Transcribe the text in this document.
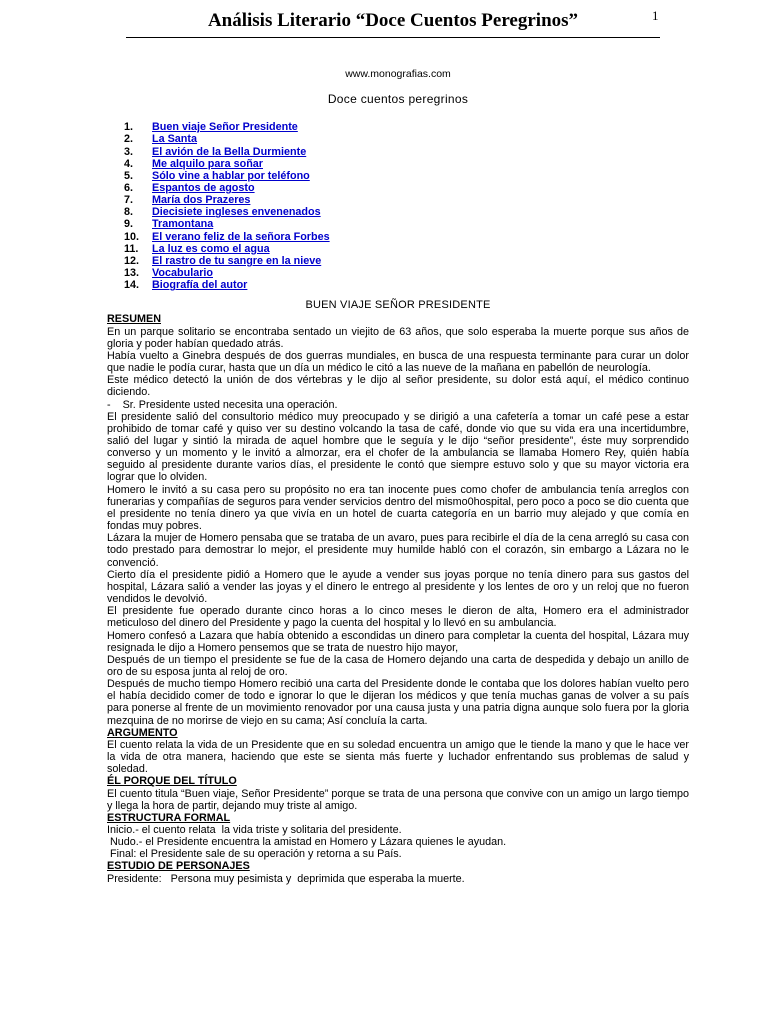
Análisis Literario “Doce Cuentos Peregrinos”	1

www.monografias.com

Doce cuentos peregrinos

1.	Buen viaje Señor Presidente
2.	La Santa
3.	El avión de la Bella Durmiente
4.	Me alquilo para soñar
5.	Sólo vine a hablar por teléfono
6.	Espantos de agosto
7.	María dos Prazeres
8.	Diecisiete ingleses envenenados
9.	Tramontana
10.	El verano feliz de la señora Forbes
11.	La luz es como el agua
12.	El rastro de tu sangre en la nieve
13.	Vocabulario
14.	Biografía del autor

BUEN VIAJE SEÑOR PRESIDENTE

RESUMEN

En un parque solitario se encontraba sentado un viejito de 63 años, que solo esperaba la muerte porque sus años de gloria y poder habían quedado atrás.

Había vuelto a Ginebra después de dos guerras mundiales, en busca de una respuesta terminante para curar un dolor que nadie le podía curar, hasta que un día un médico le citó a las nueve de la mañana en pabellón de neurología.

Este médico detectó la unión de dos vértebras y le dijo al señor presidente, su dolor está aquí, el médico continuo diciendo.

-    Sr. Presidente usted necesita una operación.

El presidente salió del consultorio médico muy preocupado y se dirigió a una cafetería a tomar un café pese a estar prohibido de tomar café y quiso ver su destino volcando la tasa de café, donde vio que su vida era una incertidumbre, salió del lugar y sintió la mirada de aquel hombre que le seguía y le dijo “señor presidente”, éste muy sorprendido converso y un momento y le invitó a almorzar, era el chofer de la ambulancia se llamaba Homero Rey, quién había seguido al presidente durante varios días, el presidente le contó que siempre estuvo solo y que su mayor victoria era lograr que lo olviden.

Homero le invitó a su casa pero su propósito no era tan inocente pues como chofer de ambulancia tenía arreglos con funerarias y compañías de seguros para vender servicios dentro del mismo0hospital, pero poco a poco se dio cuenta que el presidente no tenía dinero ya que vivía en un hotel de cuarta categoría en un barrio muy alejado y que comía en fondas muy pobres.

Lázara la mujer de Homero pensaba que se trataba de un avaro, pues para recibirle el día de la cena arregló su casa con todo prestado para demostrar lo mejor, el presidente muy humilde habló con el corazón, sin embargo a Lázara no le convenció.

Cierto día el presidente pidió a Homero que le ayude a vender sus joyas porque no tenía dinero para sus gastos del hospital, Lázara salió a vender las joyas y el dinero le entrego al presidente y los lentes de oro y un reloj que no fueron vendidos le devolvió.

El presidente fue operado durante cinco horas a lo cinco meses le dieron de alta, Homero era el administrador meticuloso del dinero del Presidente y pago la cuenta del hospital y lo llevó en su ambulancia.

Homero confesó a Lazara que había obtenido a escondidas un dinero para completar la cuenta del hospital, Lázara muy resignada le dijo a Homero pensemos que se trata de nuestro hijo mayor,

Después de un tiempo el presidente se fue de la casa de Homero dejando una carta de despedida y debajo un anillo de oro de su esposa junta al reloj de oro.

Después de mucho tiempo Homero recibió una carta del Presidente donde le contaba que los dolores habían vuelto pero el había decidido comer de todo e ignorar lo que le dijeran los médicos y que tenía muchas ganas de volver a su país para ponerse al frente de un movimiento renovador por una causa justa y una patria digna aunque solo fuera por la gloria mezquina de no morirse de viejo en su cama; Así concluía la carta.

ARGUMENTO

El cuento relata la vida de un Presidente que en su soledad encuentra un amigo que le tiende la mano y que le hace ver la vida de otra manera, haciendo que este se sienta más fuerte y luchador enfrentando sus problemas de salud y soledad.

ÉL PORQUE DEL TÍTULO

El cuento titula “Buen viaje, Señor Presidente” porque se trata de una persona que convive con un amigo un largo tiempo y llega la hora de partir, dejando muy triste al amigo.

ESTRUCTURA FORMAL

Inicio.- el cuento relata  la vida triste y solitaria del presidente.

Nudo.- el Presidente encuentra la amistad en Homero y Lázara quienes le ayudan.

Final: el Presidente sale de su operación y retorna a su País.

ESTUDIO DE PERSONAJES

Presidente:   Persona muy pesimista y  deprimida que esperaba la muerte.
